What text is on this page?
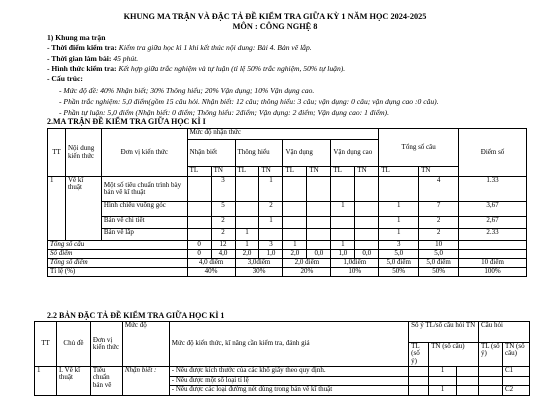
KHUNG MA TRẬN VÀ ĐẶC TẢ ĐỀ KIỂM TRA GIỮA KỲ 1 NĂM HỌC 2024-2025
MÔN : CÔNG NGHỆ 8
1) Khung ma trận
- Thời điểm kiểm tra: Kiểm tra giữa học kì 1 khi kết thúc nội dung: Bài 4. Bản vẽ lắp.
- Thời gian làm bài: 45 phút.
- Hình thức kiểm tra: Kết hợp giữa trắc nghiệm và tự luận (tỉ lệ 50% trắc nghiệm, 50% tự luận).
- Cấu trúc:
- Mức độ đề: 40% Nhận biết; 30% Thông hiểu; 20% Vận dụng; 10% Vận dụng cao.
- Phần trắc nghiệm: 5,0 điểm(gồm 15 câu hỏi. Nhận biết: 12 câu; thông hiểu: 3 câu; vận dụng: 0 câu; vận dụng cao :0 câu).
- Phần tự luận: 5,0 điểm (Nhận biết: 0 điểm; Thông hiểu: 2điểm; Vận dụng: 2 điểm; Vận dụng cao: 1 điểm).
2.MA TRẬN ĐỀ KIỂM TRA GIỮA HỌC KÌ I
TT	Nội dung kiến thức	Đơn vị kiến thức	Mức độ nhận thức								Tổng số câu		Điểm số
			Nhận biết		Thông hiểu		Vận dụng		Vận dụng cao				
			TL	TN	TL	TN	TL	TN	TL	TN	TL	TN	
1	Vẽ kĩ thuật	Một số tiêu chuẩn trình bày bản vẽ kĩ thuật		3		1						4	1.33
		Hình chiếu vuông góc		5		2			1		1	7	3,67
		Bản vẽ chi tiết		2		1					1	2	2,67
		Bản vẽ lắp		2	1						1	2	2.33
Tổng số câu			0	12	1	3	1		1		3	10	
Số điểm			0	4,0	2,0	1,0	2,0	0,0	1,0	0,0	5,0	5,0	
Tổng số điểm			4,0 điểm		3,0điểm		2,0 điểm		1,0điểm		5,0 điểm	5,0 điểm	10 điểm
Tỉ lệ (%)			40%		30%		20%		10%		50%	50%	100%
2.2 BẢN ĐẶC TẢ ĐỀ KIỂM TRA GIỮA HỌC KÌ 1
TT	Chủ đề	Đơn vị kiến thức	Mức độ	Mức độ kiến thức, kĩ năng cần kiểm tra, đánh giá	Số ý TL/số câu hỏi TN			Câu hỏi	
					TL (số ý)	TN (số câu)		TL (số ý)	TN (số câu)
1	I. Vẽ kĩ thuật	Tiêu chuẩn bản vẽ	Nhận biết :	- Nêu được kích thước của các khổ giấy theo quy định.		1			C1
				- Nêu được một số loại tỉ lệ					
				- Nêu được các loại đường nét dùng trong bản vẽ kĩ thuật		1			C2
